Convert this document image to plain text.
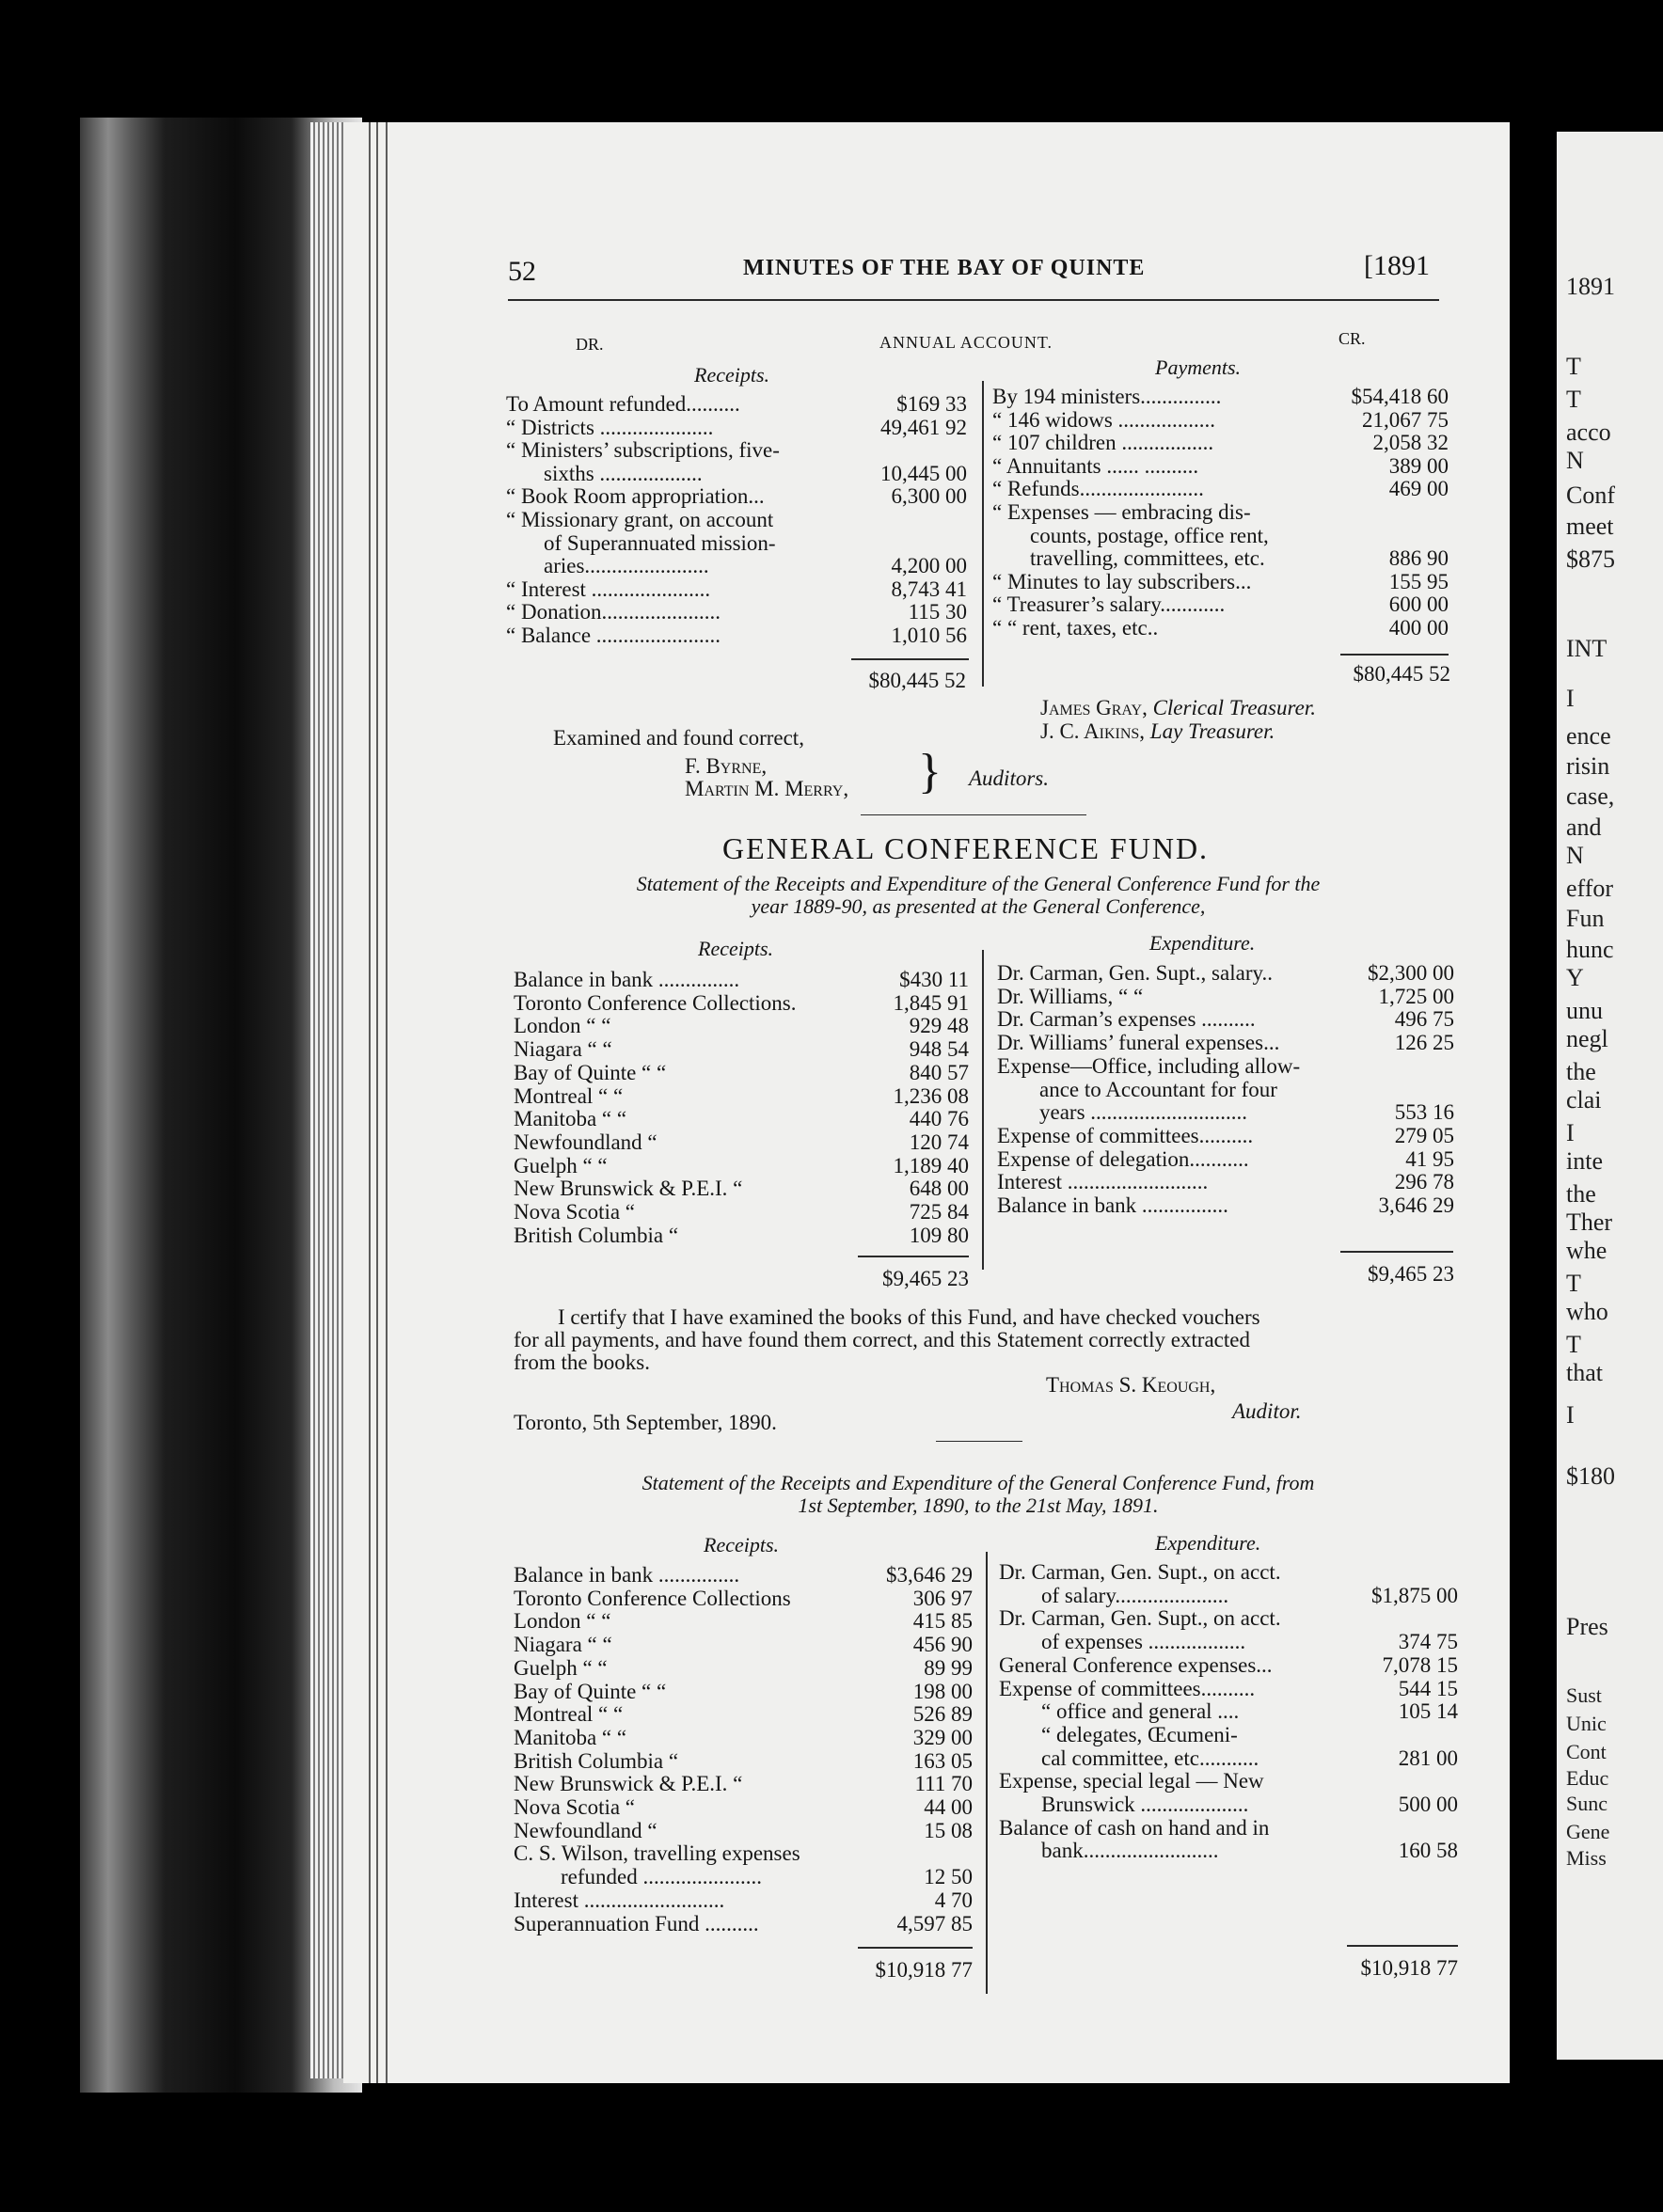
1891
T
T
acco
N
Conf
meet
$875
INT
I
ence
risin
case,
and
N
effor
Fun
hunc
Y
unu
negl
the
clai
I
inte
the
Ther
whe
T
who
T
that
I
$180
Pres
Sust
Unic
Cont
Educ
Sunc
Gene
Miss
52	MINUTES OF THE BAY OF QUINTE	[1891
DR.	ANNUAL ACCOUNT.	CR.
Receipts.	Payments.
To Amount refunded..........	$169 33
“ Districts .....................	49,461 92
“ Ministers’ subscriptions, five-
sixths ...................	10,445 00
“ Book Room appropriation...	6,300 00
“ Missionary grant, on account
of Superannuated mission-
aries.......................	4,200 00
“ Interest ......................	8,743 41
“ Donation......................	115 30
“ Balance .......................	1,010 56
$80,445 52
By 194 ministers...............	$54,418 60
“ 146 widows ..................	21,067 75
“ 107 children .................	2,058 32
“ Annuitants ...... ..........	389 00
“ Refunds.......................	469 00
“ Expenses — embracing dis-
counts, postage, office rent,
travelling, committees, etc.	886 90
“ Minutes to lay subscribers...	155 95
“ Treasurer’s salary............	600 00
“ “ rent, taxes, etc..	400 00
$80,445 52
James Gray, Clerical Treasurer.
J. C. Aikins, Lay Treasurer.
Examined and found correct,
F. Byrne,
Martin M. Merry, } Auditors.
GENERAL CONFERENCE FUND.
Statement of the Receipts and Expenditure of the General Conference Fund for the
year 1889-90, as presented at the General Conference,
Receipts.	Expenditure.
Balance in bank ...............	$430 11
Toronto Conference Collections.	1,845 91
London “ “	929 48
Niagara “ “	948 54
Bay of Quinte “ “	840 57
Montreal “ “	1,236 08
Manitoba “ “	440 76
Newfoundland “	120 74
Guelph “ “	1,189 40
New Brunswick & P.E.I. “	648 00
Nova Scotia “	725 84
British Columbia “	109 80
Dr. Carman, Gen. Supt., salary..	$2,300 00
Dr. Williams, “ “	1,725 00
Dr. Carman’s expenses ..........	496 75
Dr. Williams’ funeral expenses...	126 25
Expense—Office, including allow-
ance to Accountant for four
years .............................	553 16
Expense of committees..........	279 05
Expense of delegation...........	41 95
Interest ..........................	296 78
Balance in bank ................	3,646 29
$9,465 23	$9,465 23
I certify that I have examined the books of this Fund, and have checked vouchers
for all payments, and have found them correct, and this Statement correctly extracted
from the books.
Thomas S. Keough,
Auditor.
Toronto, 5th September, 1890.
Statement of the Receipts and Expenditure of the General Conference Fund, from
1st September, 1890, to the 21st May, 1891.
Receipts.	Expenditure.
Balance in bank ...............	$3,646 29
Toronto Conference Collections	306 97
London “ “	415 85
Niagara “ “	456 90
Guelph “ “	89 99
Bay of Quinte “ “	198 00
Montreal “ “	526 89
Manitoba “ “	329 00
British Columbia “	163 05
New Brunswick & P.E.I. “	111 70
Nova Scotia “	44 00
Newfoundland “	15 08
C. S. Wilson, travelling expenses
refunded ......................	12 50
Interest ..........................	4 70
Superannuation Fund ..........	4,597 85
Dr. Carman, Gen. Supt., on acct.
of salary.....................	$1,875 00
Dr. Carman, Gen. Supt., on acct.
of expenses ..................	374 75
General Conference expenses...	7,078 15
Expense of committees..........	544 15
“ office and general ....	105 14
“ delegates, Œcumeni-
cal committee, etc...........	281 00
Expense, special legal — New
Brunswick ....................	500 00
Balance of cash on hand and in
bank.........................	160 58
$10,918 77	$10,918 77
